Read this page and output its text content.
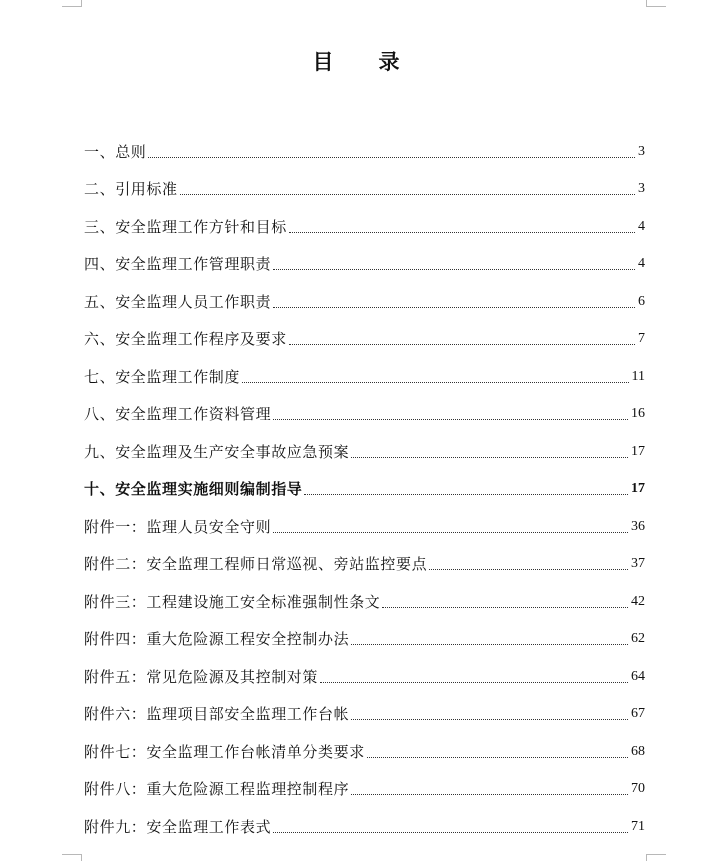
目 录
一、总则	3
二、引用标准	3
三、安全监理工作方针和目标	4
四、安全监理工作管理职责	4
五、安全监理人员工作职责	6
六、安全监理工作程序及要求	7
七、安全监理工作制度	11
八、安全监理工作资料管理	16
九、安全监理及生产安全事故应急预案	17
十、安全监理实施细则编制指导	17
附件一：监理人员安全守则	36
附件二：安全监理工程师日常巡视、旁站监控要点	37
附件三：工程建设施工安全标准强制性条文	42
附件四：重大危险源工程安全控制办法	62
附件五：常见危险源及其控制对策	64
附件六：监理项目部安全监理工作台帐	67
附件七：安全监理工作台帐清单分类要求	68
附件八：重大危险源工程监理控制程序	70
附件九：安全监理工作表式	71
